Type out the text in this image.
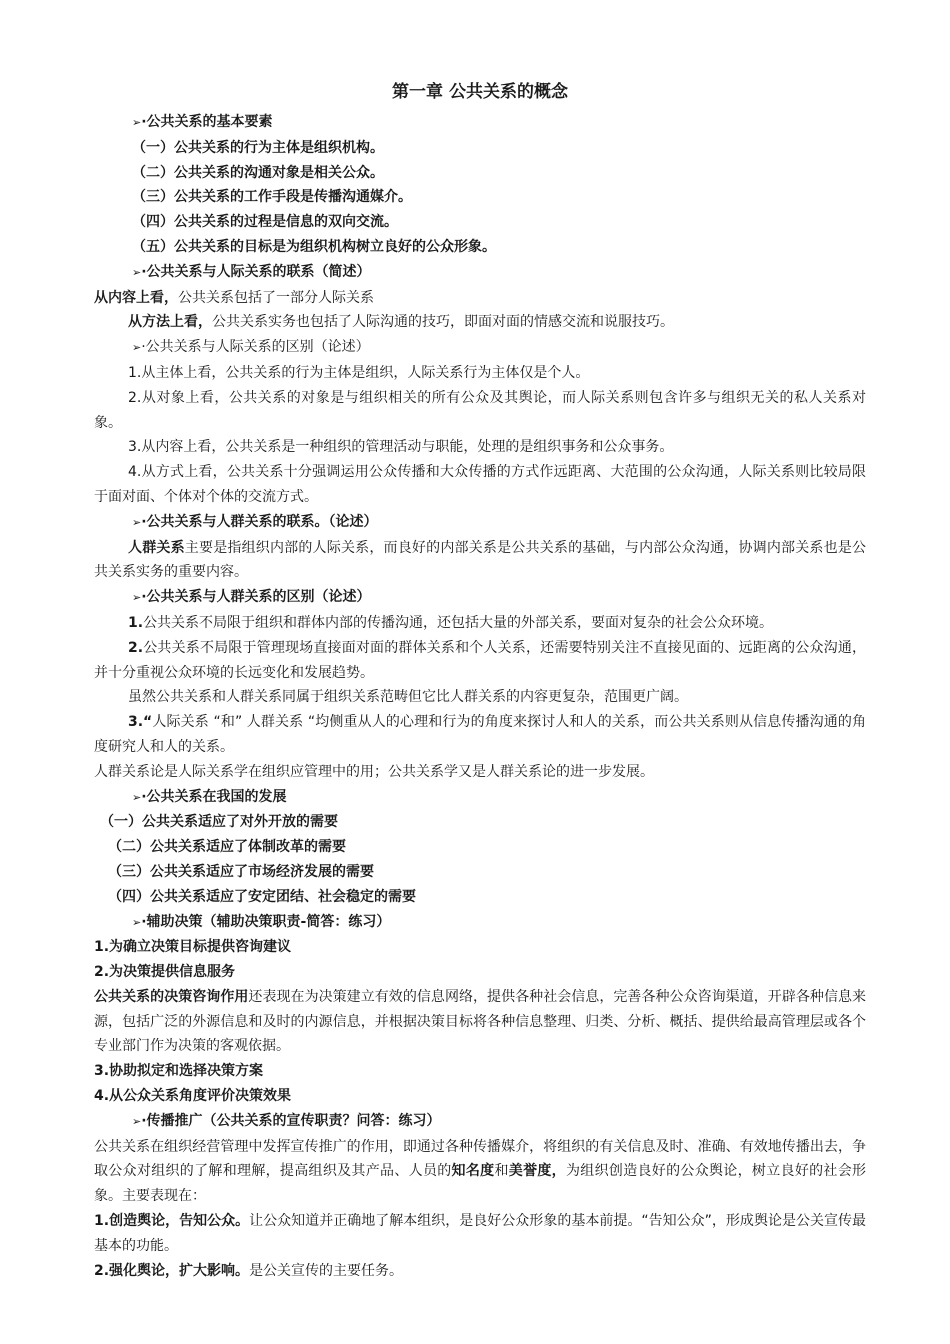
第一章 公共关系的概念

➢·公共关系的基本要素

（一）公共关系的行为主体是组织机构。

（二）公共关系的沟通对象是相关公众。

（三）公共关系的工作手段是传播沟通媒介。

（四）公共关系的过程是信息的双向交流。

（五）公共关系的目标是为组织机构树立良好的公众形象。

➢·公共关系与人际关系的联系（简述）

从内容上看，公共关系包括了一部分人际关系

从方法上看，公共关系实务也包括了人际沟通的技巧，即面对面的情感交流和说服技巧。

➢·公共关系与人际关系的区别（论述）

1.从主体上看，公共关系的行为主体是组织，人际关系行为主体仅是个人。

2.从对象上看，公共关系的对象是与组织相关的所有公众及其舆论，而人际关系则包含许多与组织无关的私人关系对象。

3.从内容上看，公共关系是一种组织的管理活动与职能，处理的是组织事务和公众事务。

4.从方式上看，公共关系十分强调运用公众传播和大众传播的方式作远距离、大范围的公众沟通，人际关系则比较局限于面对面、个体对个体的交流方式。

➢·公共关系与人群关系的联系。（论述）

人群关系主要是指组织内部的人际关系，而良好的内部关系是公共关系的基础，与内部公众沟通，协调内部关系也是公共关系实务的重要内容。

➢·公共关系与人群关系的区别（论述）

1.公共关系不局限于组织和群体内部的传播沟通，还包括大量的外部关系，要面对复杂的社会公众环境。

2.公共关系不局限于管理现场直接面对面的群体关系和个人关系，还需要特别关注不直接见面的、远距离的公众沟通，并十分重视公众环境的长远变化和发展趋势。

虽然公共关系和人群关系同属于组织关系范畴但它比人群关系的内容更复杂，范围更广阔。

3.“人际关系 “和” 人群关系 “均侧重从人的心理和行为的角度来探讨人和人的关系，而公共关系则从信息传播沟通的角度研究人和人的关系。

人群关系论是人际关系学在组织应管理中的用；公共关系学又是人群关系论的进一步发展。

➢·公共关系在我国的发展

（一）公共关系适应了对外开放的需要

（二）公共关系适应了体制改革的需要

（三）公共关系适应了市场经济发展的需要

（四）公共关系适应了安定团结、社会稳定的需要

➢·辅助决策（辅助决策职责-简答：练习）

1.为确立决策目标提供咨询建议

2.为决策提供信息服务

公共关系的决策咨询作用还表现在为决策建立有效的信息网络，提供各种社会信息，完善各种公众咨询渠道，开辟各种信息来源，包括广泛的外源信息和及时的内源信息，并根据决策目标将各种信息整理、归类、分析、概括、提供给最高管理层或各个专业部门作为决策的客观依据。

3.协助拟定和选择决策方案

4.从公众关系角度评价决策效果

➢·传播推广（公共关系的宣传职责？问答：练习）

公共关系在组织经营管理中发挥宣传推广的作用，即通过各种传播媒介，将组织的有关信息及时、准确、有效地传播出去，争取公众对组织的了解和理解，提高组织及其产品、人员的知名度和美誉度，为组织创造良好的公众舆论，树立良好的社会形象。主要表现在：

1.创造舆论，告知公众。让公众知道并正确地了解本组织，是良好公众形象的基本前提。“告知公众”，形成舆论是公关宣传最基本的功能。

2.强化舆论，扩大影响。是公关宣传的主要任务。
